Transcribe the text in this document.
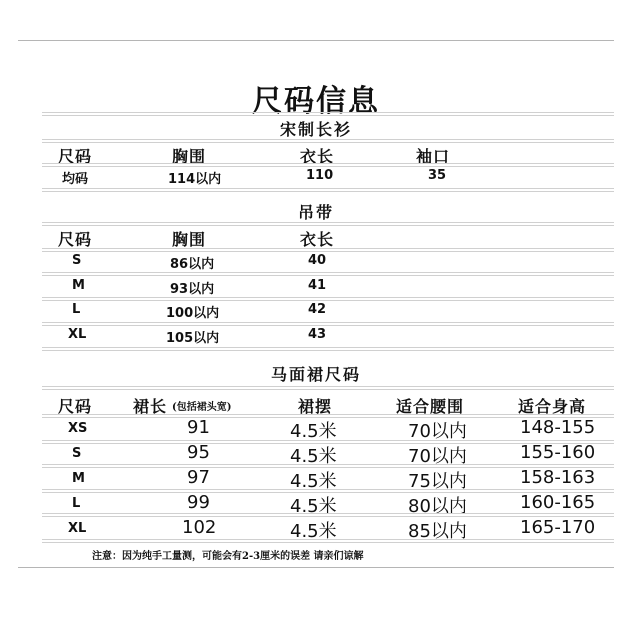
尺码信息
宋制长衫
尺码	胸围	衣长	袖口
均码	114以内	110	35
吊带
尺码	胸围	衣长
S	86以内	40
M	93以内	41
L	100以内	42
XL	105以内	43
马面裙尺码
尺码	裙长 (包括裙头宽)	裙摆	适合腰围	适合身高
XS	91	4.5米	70以内	148-155
S	95	4.5米	70以内	155-160
M	97	4.5米	75以内	158-163
L	99	4.5米	80以内	160-165
XL	102	4.5米	85以内	165-170
注意：因为纯手工量测，可能会有2-3厘米的误差 请亲们谅解
